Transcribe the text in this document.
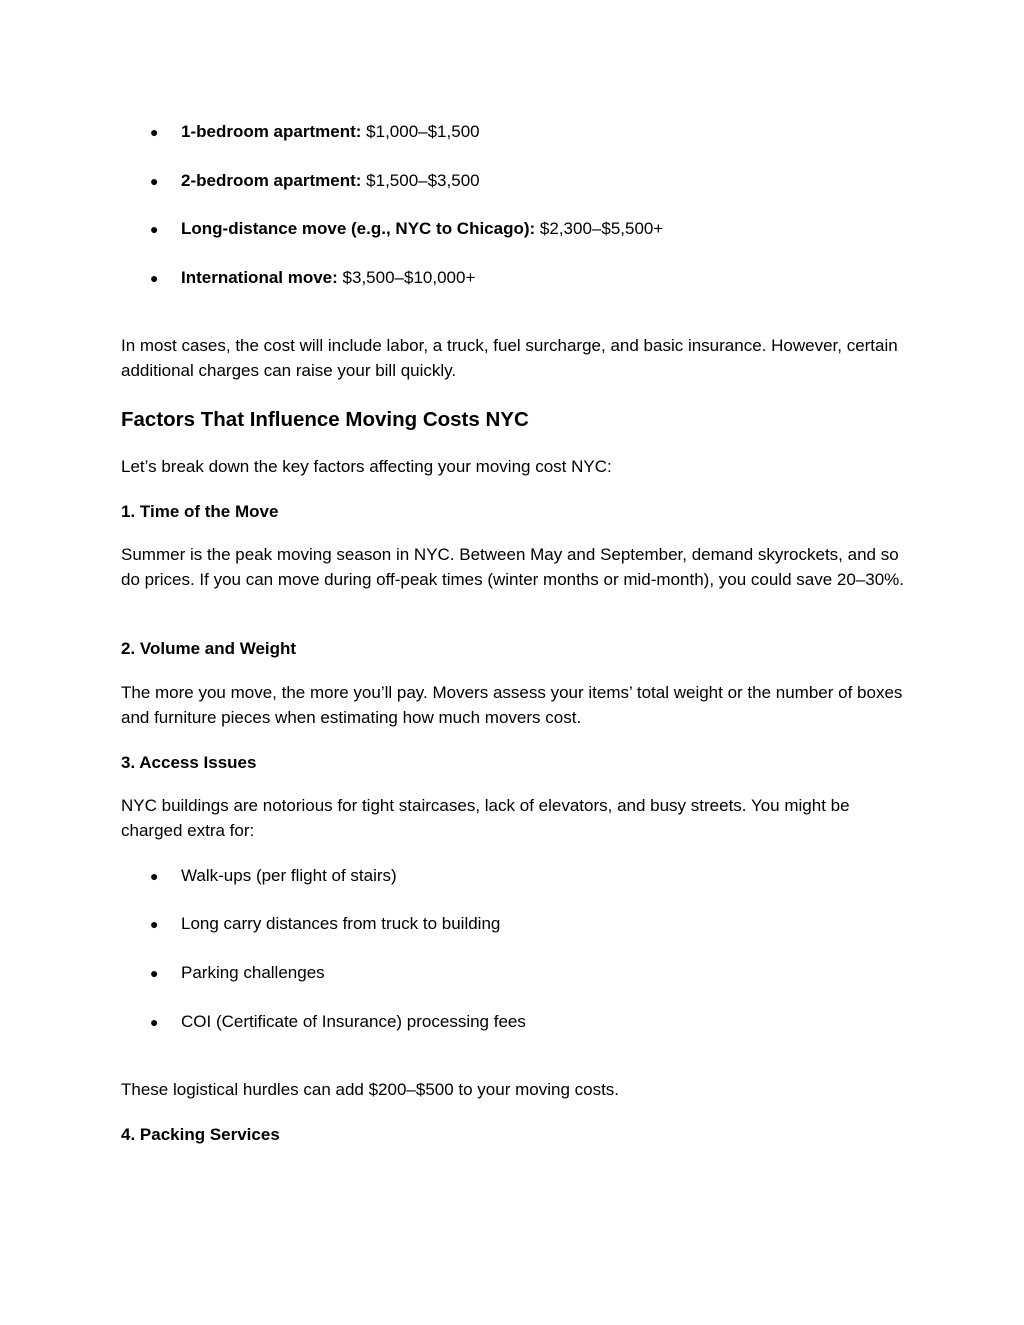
● 1-bedroom apartment: $1,000–$1,500
● 2-bedroom apartment: $1,500–$3,500
● Long-distance move (e.g., NYC to Chicago): $2,300–$5,500+
● International move: $3,500–$10,000+
In most cases, the cost will include labor, a truck, fuel surcharge, and basic insurance. However, certain additional charges can raise your bill quickly.
Factors That Influence Moving Costs NYC
Let’s break down the key factors affecting your moving cost NYC:
1. Time of the Move
Summer is the peak moving season in NYC. Between May and September, demand skyrockets, and so do prices. If you can move during off-peak times (winter months or mid-month), you could save 20–30%.
2. Volume and Weight
The more you move, the more you’ll pay. Movers assess your items’ total weight or the number of boxes and furniture pieces when estimating how much movers cost.
3. Access Issues
NYC buildings are notorious for tight staircases, lack of elevators, and busy streets. You might be charged extra for:
● Walk-ups (per flight of stairs)
● Long carry distances from truck to building
● Parking challenges
● COI (Certificate of Insurance) processing fees
These logistical hurdles can add $200–$500 to your moving costs.
4. Packing Services
